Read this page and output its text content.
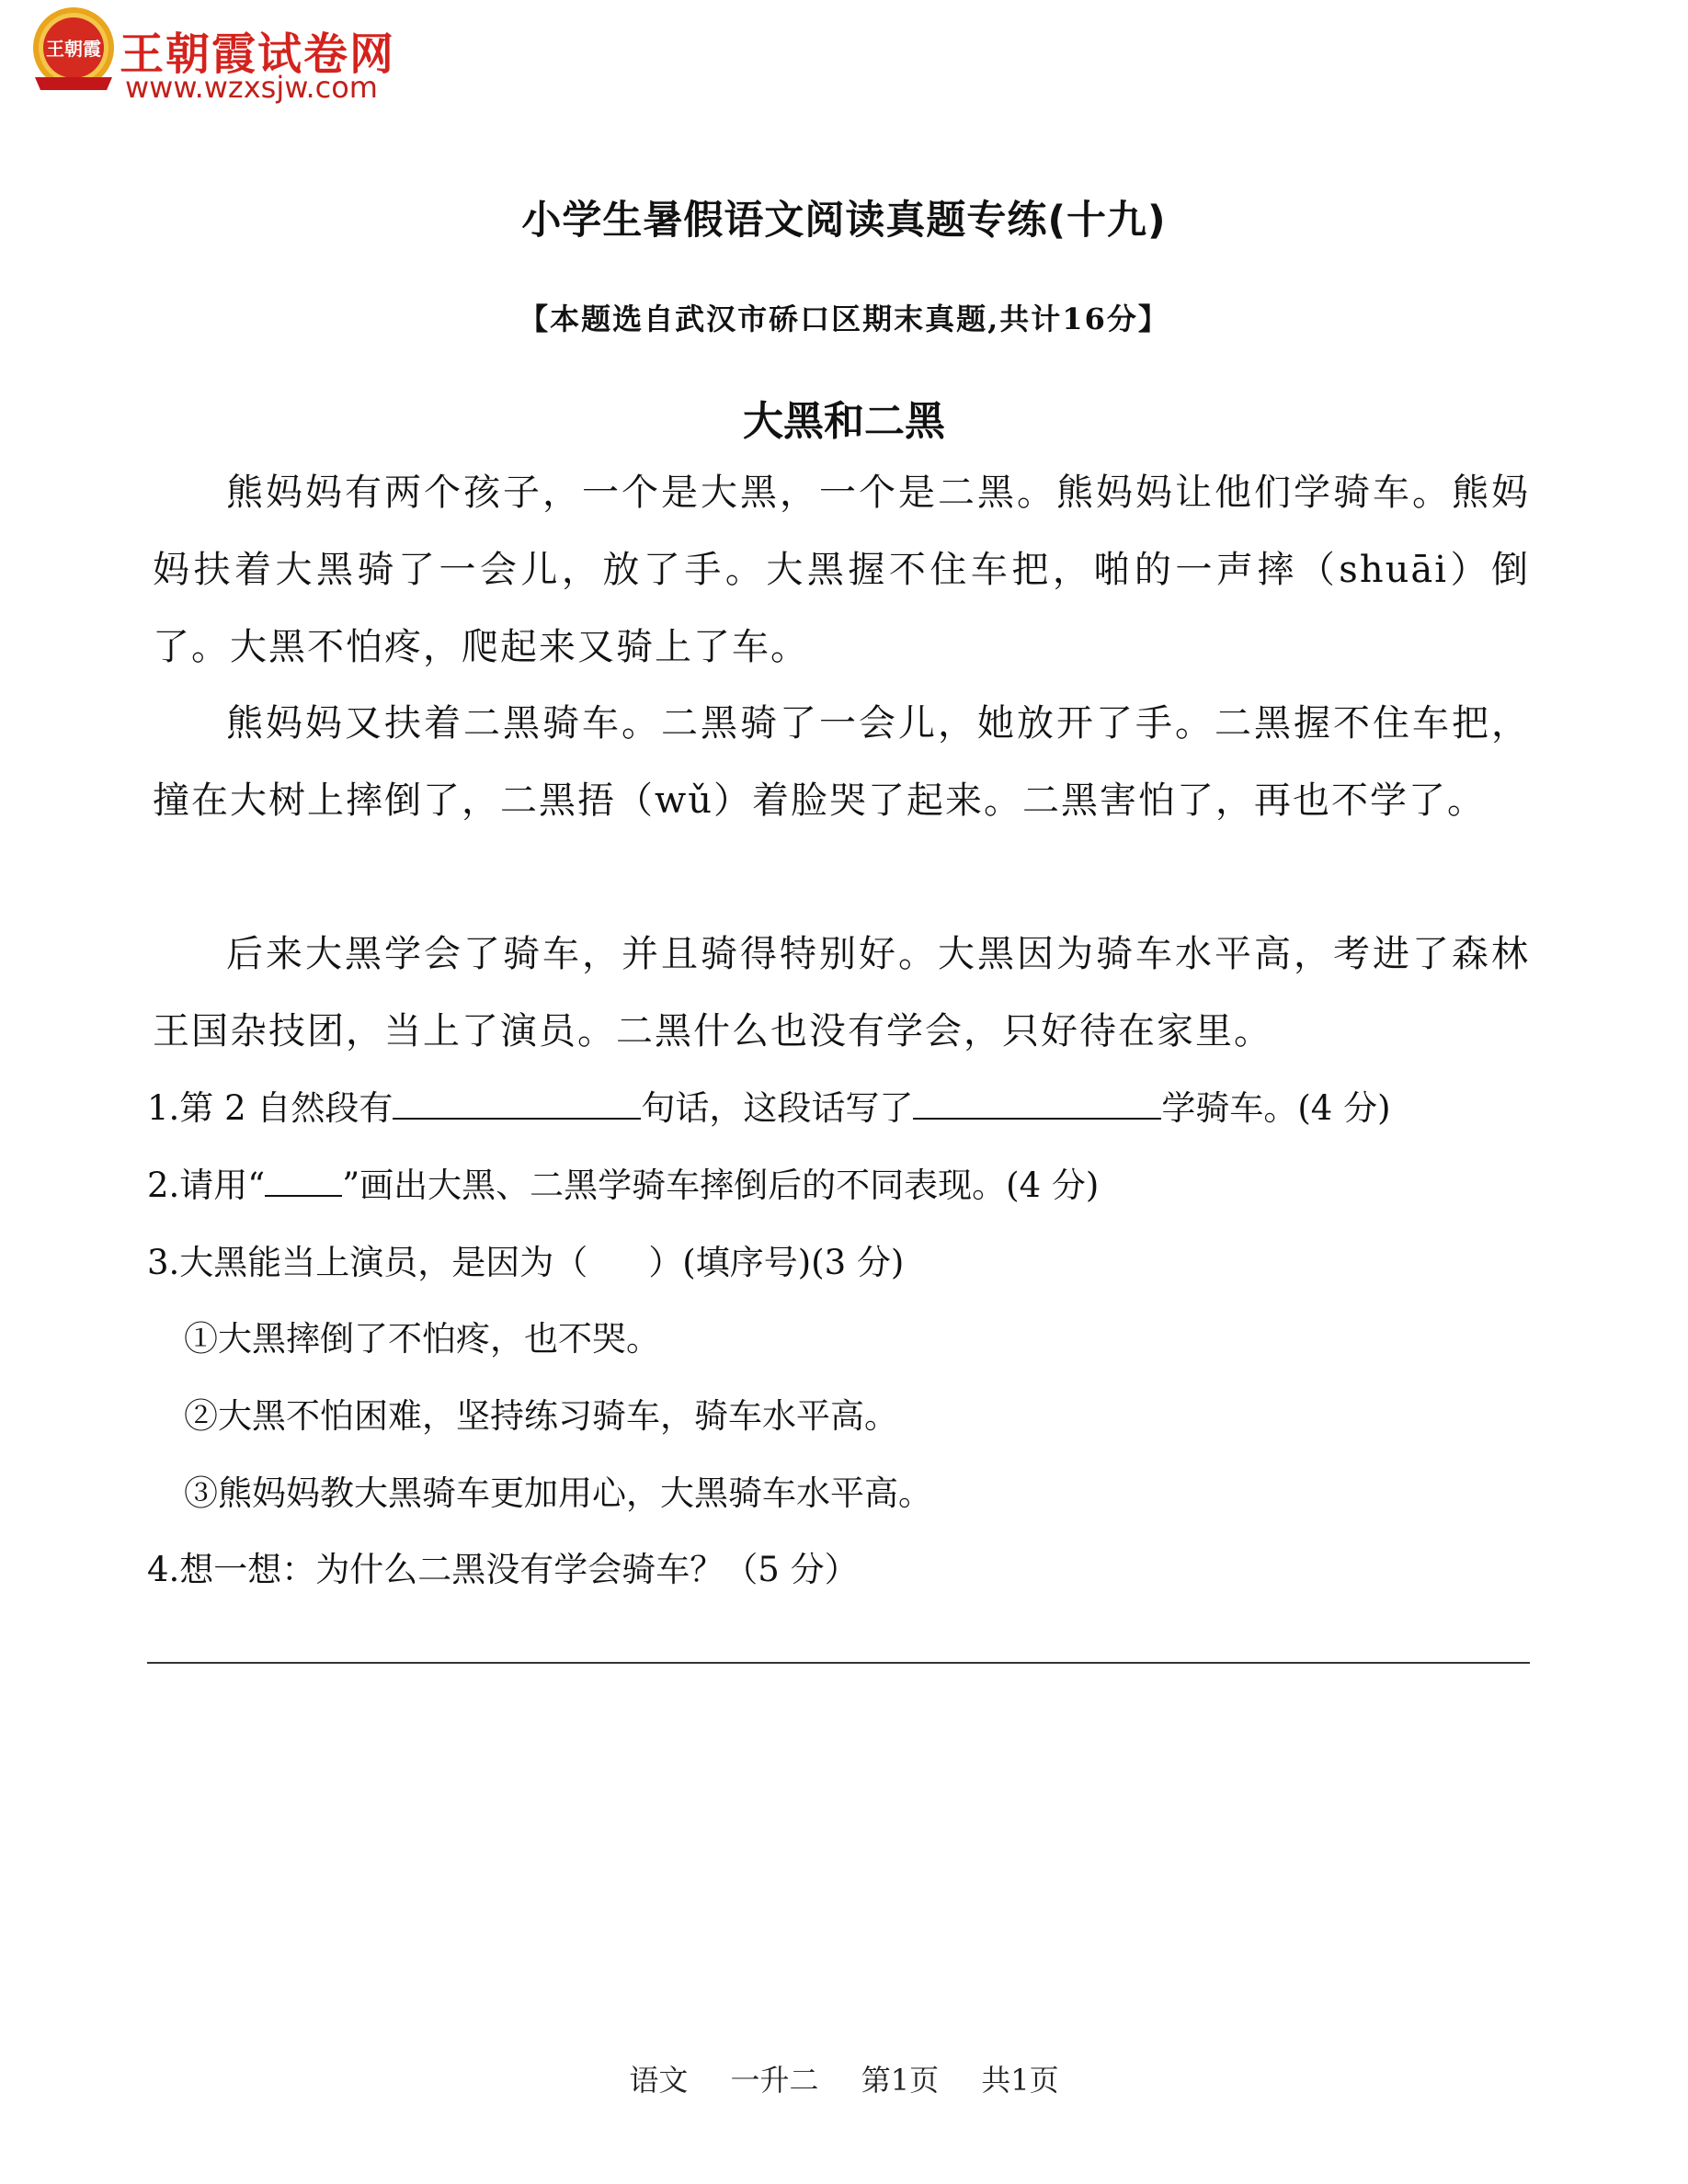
王朝霞 王朝霞试卷网
www.wzxsjw.com
小学生暑假语文阅读真题专练(十九)
【本题选自武汉市硚口区期末真题,共计16分】
大黑和二黑

熊妈妈有两个孩子，一个是大黑，一个是二黑。熊妈妈让他们学骑车。熊妈妈扶着大黑骑了一会儿，放了手。大黑握不住车把，啪的一声摔（shuāi）倒了。大黑不怕疼，爬起来又骑上了车。

熊妈妈又扶着二黑骑车。二黑骑了一会儿，她放开了手。二黑握不住车把，撞在大树上摔倒了，二黑捂（wǔ）着脸哭了起来。二黑害怕了，再也不学了。

后来大黑学会了骑车，并且骑得特别好。大黑因为骑车水平高，考进了森林王国杂技团，当上了演员。二黑什么也没有学会，只好待在家里。

1.第 2 自然段有	句话，这段话写了	学骑车。(4 分)
2.请用“ ”画出大黑、二黑学骑车摔倒后的不同表现。(4 分)
3.大黑能当上演员，是因为（ ）(填序号)(3 分)
①大黑摔倒了不怕疼，也不哭。
②大黑不怕困难，坚持练习骑车，骑车水平高。
③熊妈妈教大黑骑车更加用心，大黑骑车水平高。
4.想一想：为什么二黑没有学会骑车？（5 分）
语文 一升二 第1页 共1页
